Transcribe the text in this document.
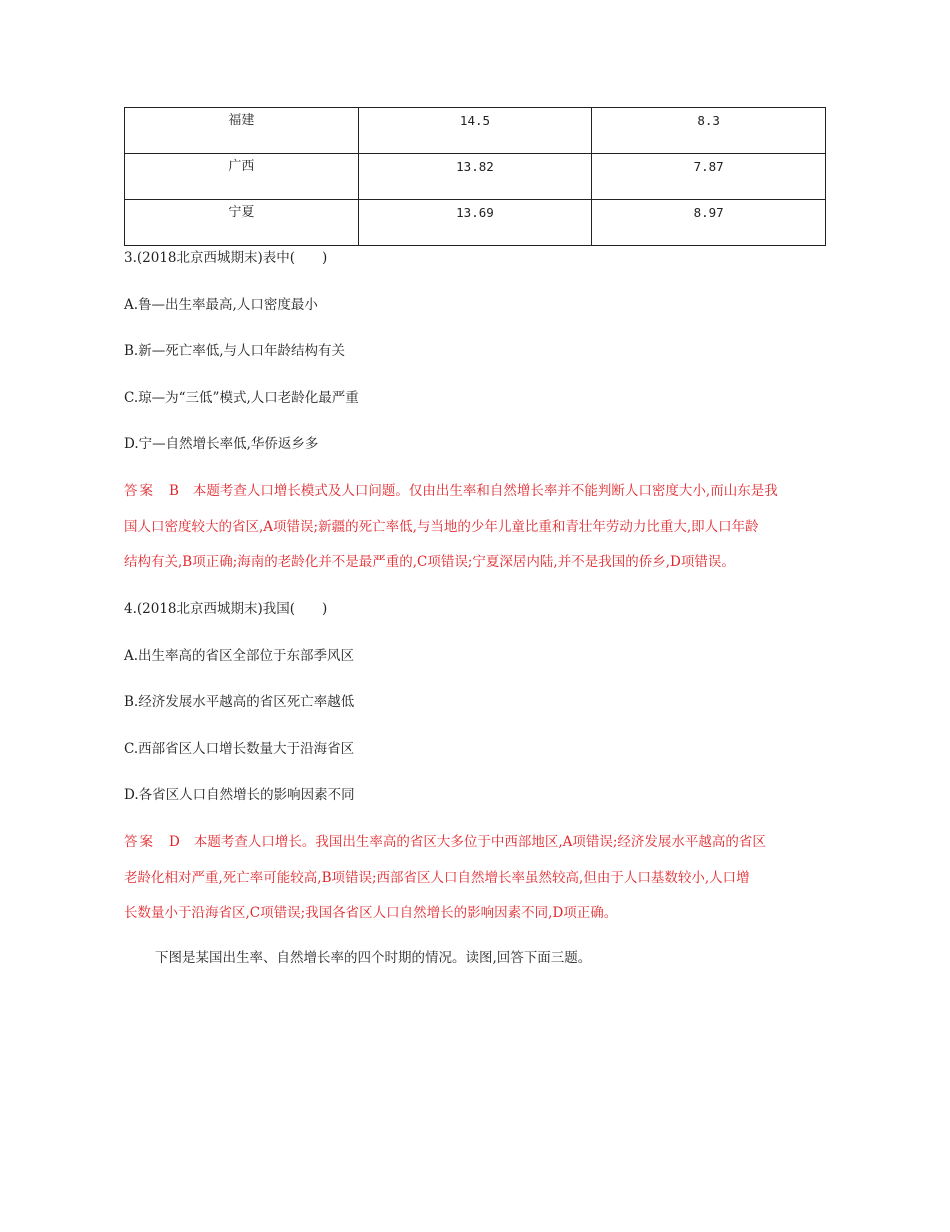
福建	14.5	8.3
广西	13.82	7.87
宁夏	13.69	8.97
3.(2018北京西城期末)表中(　　)
A.鲁—出生率最高,人口密度最小
B.新—死亡率低,与人口年龄结构有关
C.琼—为“三低”模式,人口老龄化最严重
D.宁—自然增长率低,华侨返乡多
答案 B 本题考查人口增长模式及人口问题。仅由出生率和自然增长率并不能判断人口密度大小,而山东是我
国人口密度较大的省区,A项错误;新疆的死亡率低,与当地的少年儿童比重和青壮年劳动力比重大,即人口年龄
结构有关,B项正确;海南的老龄化并不是最严重的,C项错误;宁夏深居内陆,并不是我国的侨乡,D项错误。
4.(2018北京西城期末)我国(　　)
A.出生率高的省区全部位于东部季风区
B.经济发展水平越高的省区死亡率越低
C.西部省区人口增长数量大于沿海省区
D.各省区人口自然增长的影响因素不同
答案 D 本题考查人口增长。我国出生率高的省区大多位于中西部地区,A项错误;经济发展水平越高的省区
老龄化相对严重,死亡率可能较高,B项错误;西部省区人口自然增长率虽然较高,但由于人口基数较小,人口增
长数量小于沿海省区,C项错误;我国各省区人口自然增长的影响因素不同,D项正确。
下图是某国出生率、自然增长率的四个时期的情况。读图,回答下面三题。
